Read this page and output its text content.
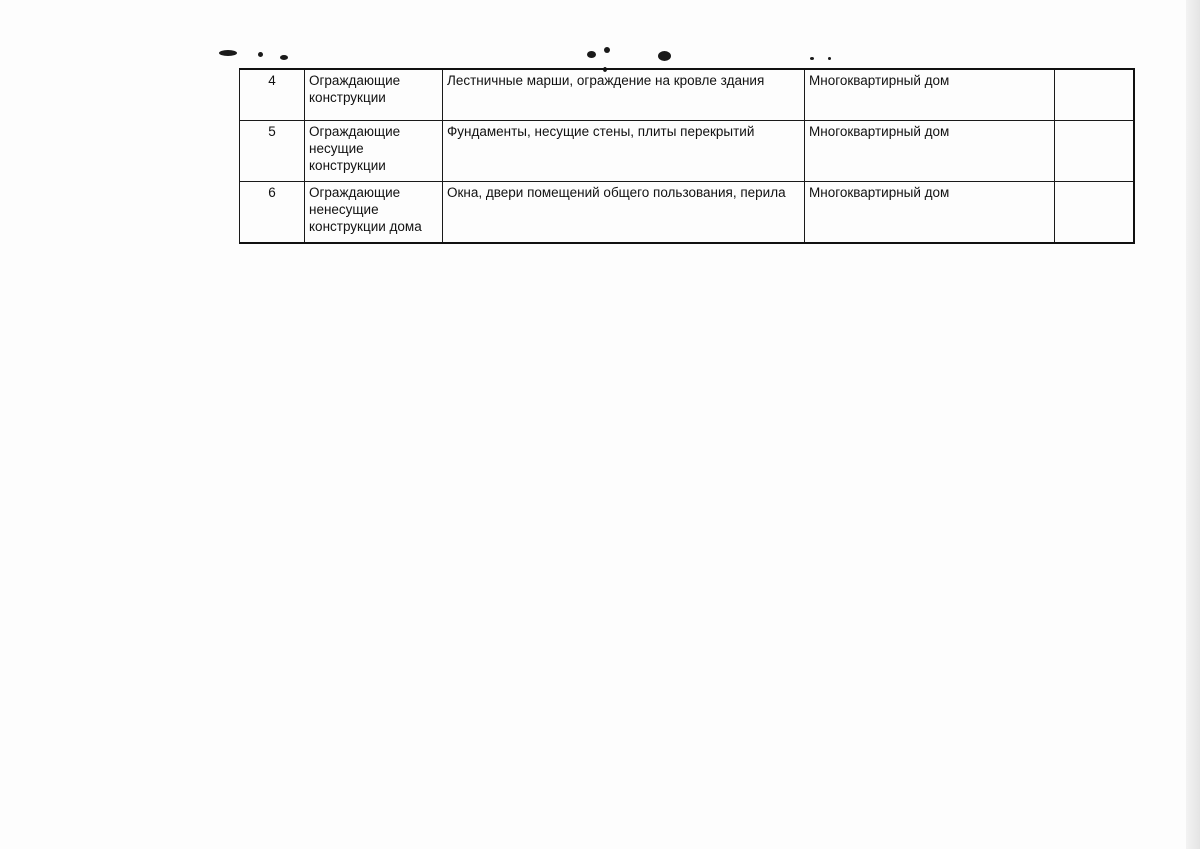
4	Ограждающие конструкции	Лестничные марши, ограждение на кровле здания	Многоквартирный дом	
5	Ограждающие несущие конструкции	Фундаменты, несущие стены, плиты перекрытий	Многоквартирный дом	
6	Ограждающие ненесущие конструкции дома	Окна, двери помещений общего пользования, перила	Многоквартирный дом	
